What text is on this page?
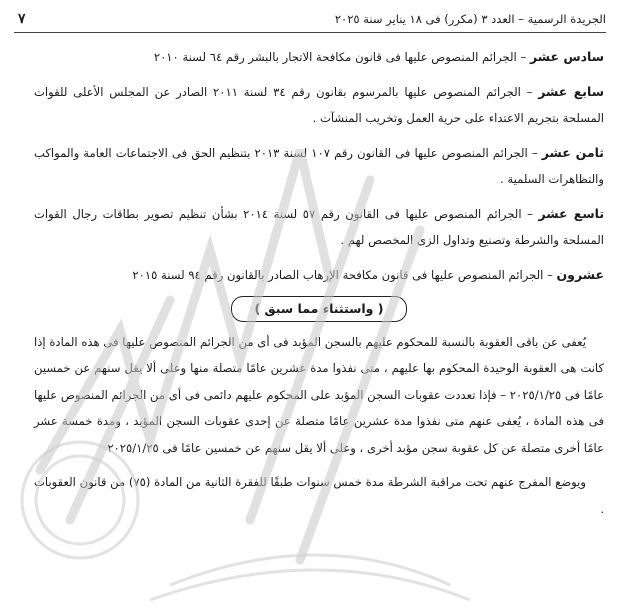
الجريدة الرسمية – العدد ٣ (مكرر) فى ١٨ يناير سنة ٢٠٢٥
٧

سادس عشر – الجرائم المنصوص عليها فى قانون مكافحة الاتجار بالبشر رقم ٦٤ لسنة ٢٠١٠

سابع عشر – الجرائم المنصوص عليها بالمرسوم بقانون رقم ٣٤ لسنة ٢٠١١ الصادر عن المجلس الأعلى للقوات المسلحة بتجريم الاعتداء على حرية العمل وتخريب المنشآت .

ثامن عشر – الجرائم المنصوص عليها فى القانون رقم ١٠٧ لسنة ٢٠١٣ بتنظيم الحق فى الاجتماعات العامة والمواكب والتظاهرات السلمية .

تاسع عشر – الجرائم المنصوص عليها فى القانون رقم ٥٧ لسنة ٢٠١٤ بشأن تنظيم تصوير بطاقات رجال القوات المسلحة والشرطة وتصنيع وتداول الزى المخصص لهم .

عشرون – الجرائم المنصوص عليها فى قانون مكافحة الإرهاب الصادر بالقانون رقم ٩٤ لسنة ٢٠١٥

( واستثناء مما سبق )

يُعفى عن باقى العقوبة بالنسبة للمحكوم عليهم بالسجن المؤبد فى أى من الجرائم المنصوص عليها فى هذه المادة إذا كانت هى العقوبة الوحيدة المحكوم بها عليهم ، متى نفذوا مدة عشرين عامًا متصلة منها وعلى ألا يقل سنهم عن خمسين عامًا فى ٢٠٢٥/١/٢٥ – فإذا تعددت عقوبات السجن المؤبد على المحكوم عليهم دائمى فى أى من الجرائم المنصوص عليها فى هذه المادة ، يُعفى عنهم متى نفذوا مدة عشرين عامًا متصلة عن إحدى عقوبات السجن المؤبد ، ومدة خمسة عشر عامًا أخرى متصلة عن كل عقوبة سجن مؤبد أخرى ، وعلى ألا يقل سنهم عن خمسين عامًا فى ٢٠٢٥/١/٢٥

ويوضع المفرج عنهم تحت مراقبة الشرطة مدة خمس سنوات طبقًا للفقرة الثانية من المادة (٧٥) من قانون العقوبات .
